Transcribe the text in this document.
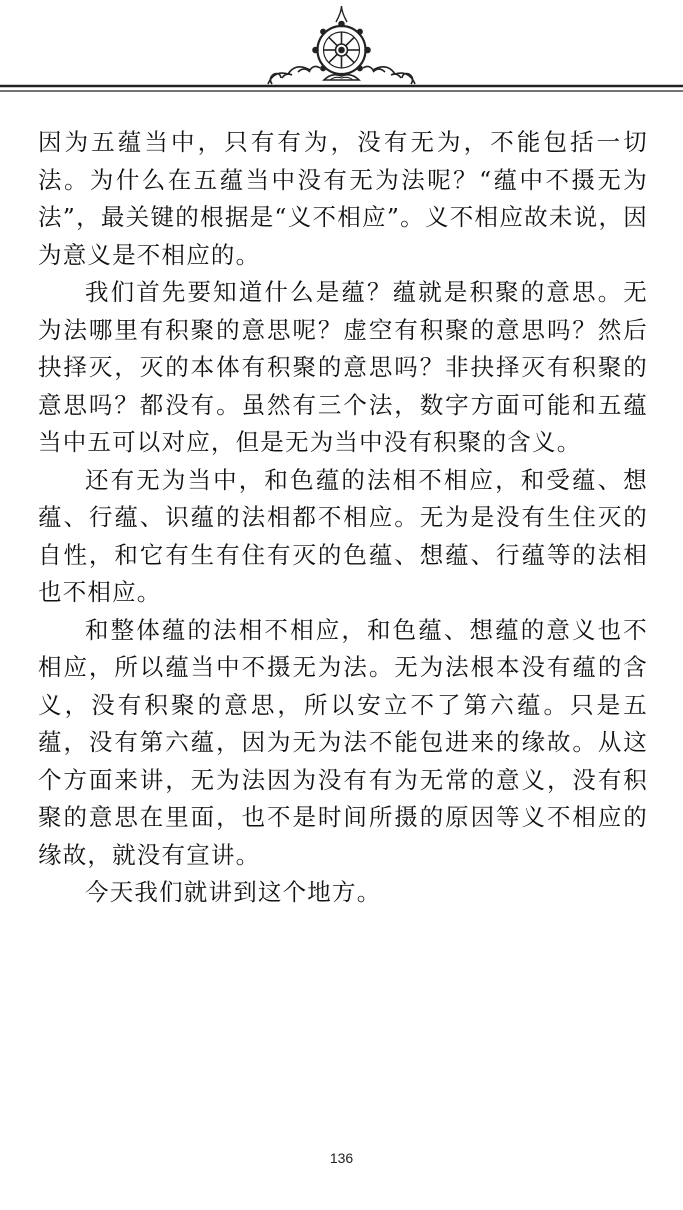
因为五蕴当中，只有有为，没有无为，不能包括一切法。为什么在五蕴当中没有无为法呢？“蕴中不摄无为法”，最关键的根据是“义不相应”。义不相应故未说，因为意义是不相应的。

我们首先要知道什么是蕴？蕴就是积聚的意思。无为法哪里有积聚的意思呢？虚空有积聚的意思吗？然后抉择灭，灭的本体有积聚的意思吗？非抉择灭有积聚的意思吗？都没有。虽然有三个法，数字方面可能和五蕴当中五可以对应，但是无为当中没有积聚的含义。

还有无为当中，和色蕴的法相不相应，和受蕴、想蕴、行蕴、识蕴的法相都不相应。无为是没有生住灭的自性，和它有生有住有灭的色蕴、想蕴、行蕴等的法相也不相应。

和整体蕴的法相不相应，和色蕴、想蕴的意义也不相应，所以蕴当中不摄无为法。无为法根本没有蕴的含义，没有积聚的意思，所以安立不了第六蕴。只是五蕴，没有第六蕴，因为无为法不能包进来的缘故。从这个方面来讲，无为法因为没有有为无常的意义，没有积聚的意思在里面，也不是时间所摄的原因等义不相应的缘故，就没有宣讲。

今天我们就讲到这个地方。

136
